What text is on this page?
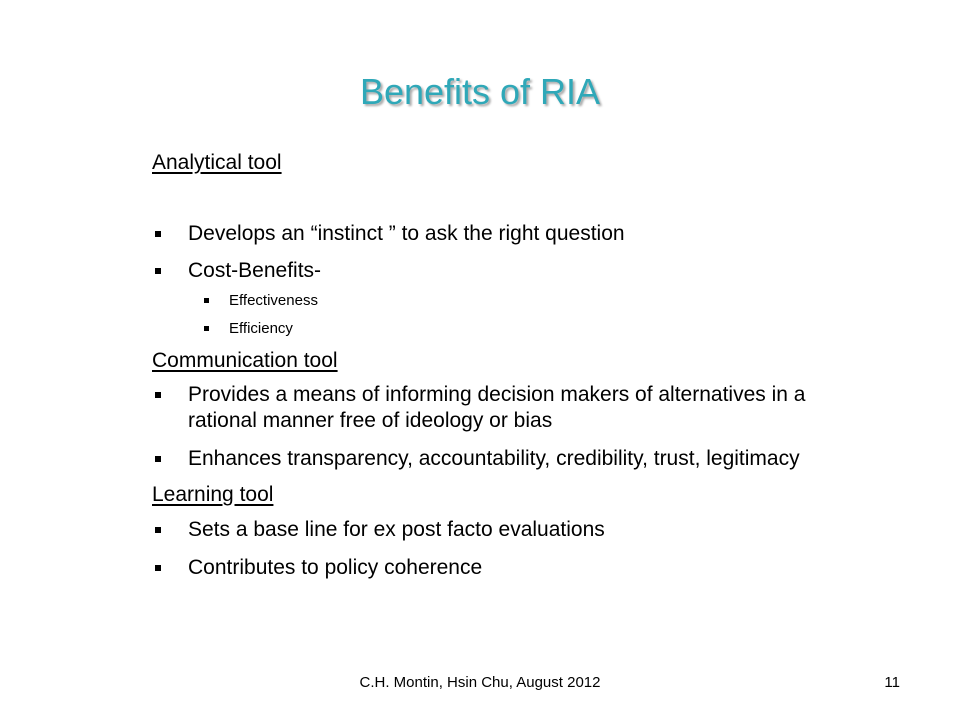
Benefits of RIA
Analytical tool
Develops an “instinct ” to ask the right question
Cost-Benefits-
Effectiveness
Efficiency
Communication tool
Provides a means of informing decision makers of alternatives in a rational manner free of ideology or bias
Enhances transparency, accountability, credibility, trust, legitimacy
Learning tool
Sets a base line for ex post facto evaluations
Contributes to policy coherence
C.H. Montin, Hsin Chu, August 2012	11
